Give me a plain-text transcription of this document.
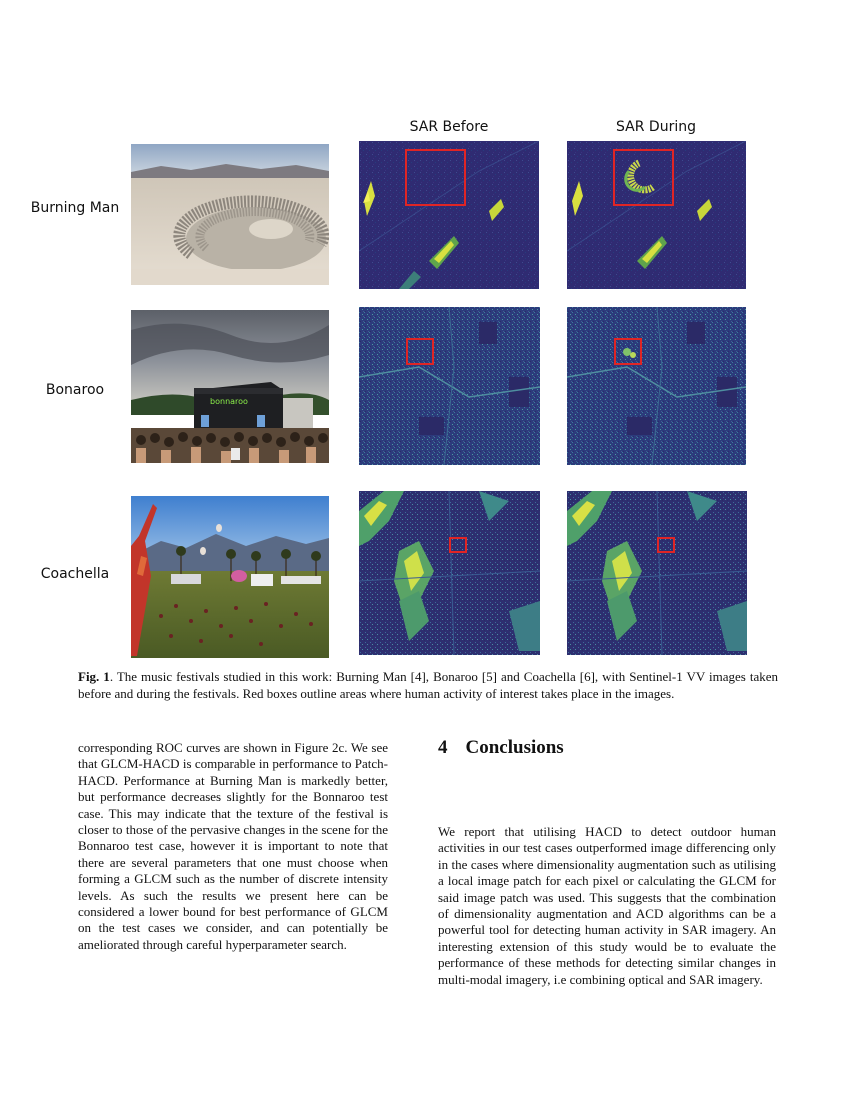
SAR Before	SAR During
Burning Man
Bonaroo
Coachella
bonnaroo
Fig. 1. The music festivals studied in this work: Burning Man [4], Bonaroo [5] and Coachella [6], with Sentinel-1 VV images taken before and during the festivals. Red boxes outline areas where human activity of interest takes place in the images.
corresponding ROC curves are shown in Figure 2c. We see that GLCM-HACD is comparable in performance to Patch-HACD. Performance at Burning Man is markedly better, but performance decreases slightly for the Bonnaroo test case. This may indicate that the texture of the festival is closer to those of the pervasive changes in the scene for the Bonnaroo test case, however it is important to note that there are several parameters that one must choose when forming a GLCM such as the number of discrete intensity levels. As such the results we present here can be considered a lower bound for best performance of GLCM on the test cases we consider, and can potentially be ameliorated through careful hyperparameter search.
4 Conclusions
We report that utilising HACD to detect outdoor human activities in our test cases outperformed image differencing only in the cases where dimensionality augmentation such as utilising a local image patch for each pixel or calculating the GLCM for said image patch was used. This suggests that the combination of dimensionality augmentation and ACD algorithms can be a powerful tool for detecting human activity in SAR imagery. An interesting extension of this study would be to evaluate the performance of these methods for detecting similar changes in multi-modal imagery, i.e combining optical and SAR imagery.
